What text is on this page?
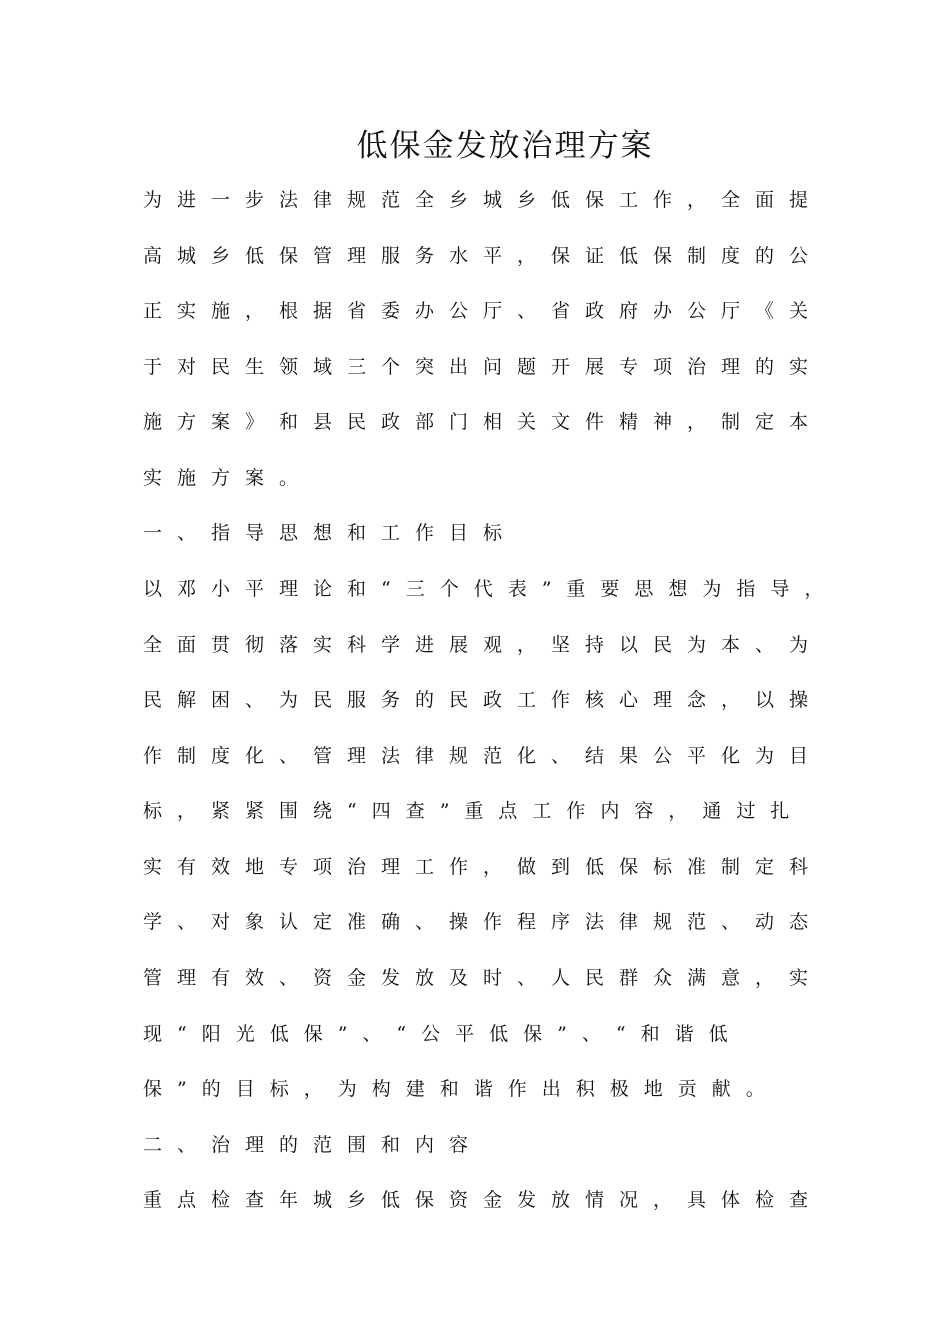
低保金发放治理方案
为进一步法律规范全乡城乡低保工作，全面提
高城乡低保管理服务水平，保证低保制度的公
正实施，根据省委办公厅、省政府办公厅《关
于对民生领域三个突出问题开展专项治理的实
施方案》和县民政部门相关文件精神，制定本
实施方案。
一、指导思想和工作目标
以邓小平理论和“三个代表”重要思想为指导，
全面贯彻落实科学进展观，坚持以民为本、为
民解困、为民服务的民政工作核心理念，以操
作制度化、管理法律规范化、结果公平化为目
标，紧紧围绕“四查”重点工作内容，通过扎
实有效地专项治理工作，做到低保标准制定科
学、对象认定准确、操作程序法律规范、动态
管理有效、资金发放及时、人民群众满意，实
现“阳光低保”、“公平低保”、“和谐低
保”的目标，为构建和谐作出积极地贡献。
二、治理的范围和内容
重点检查年城乡低保资金发放情况，具体检查
